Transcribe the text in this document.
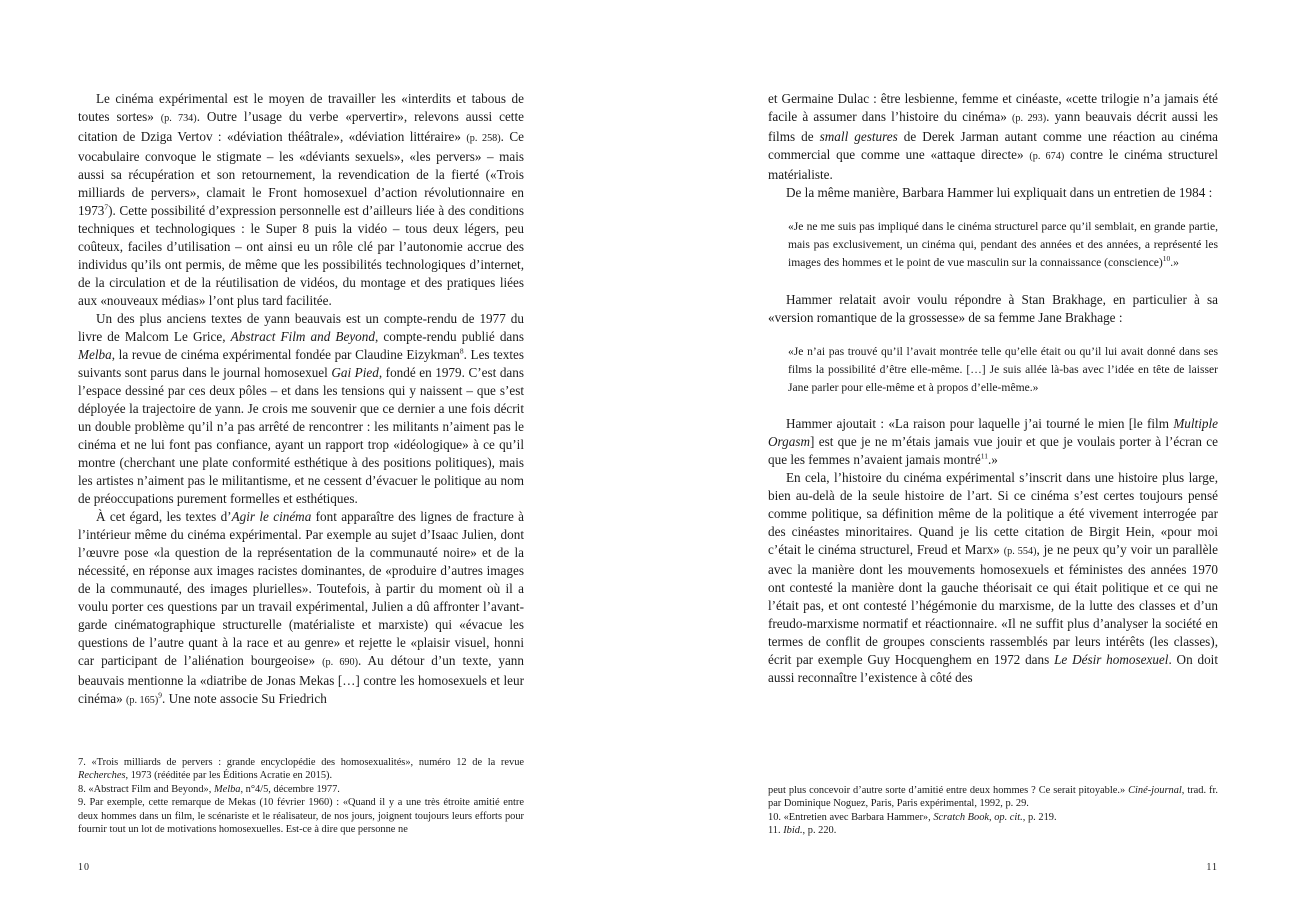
Le cinéma expérimental est le moyen de travailler les «interdits et tabous de toutes sortes» (p. 734). Outre l’usage du verbe «pervertir», relevons aussi cette citation de Dziga Vertov : «déviation théâtrale», «déviation littéraire» (p. 258). Ce vocabulaire convoque le stigmate – les «déviants sexuels», «les pervers» – mais aussi sa récupération et son retournement, la revendication de la fierté («Trois milliards de pervers», clamait le Front homosexuel d’action révolutionnaire en 1973$^7$). Cette possibilité d’expression personnelle est d’ailleurs liée à des conditions techniques et technologiques : le Super 8 puis la vidéo – tous deux légers, peu coûteux, faciles d’utilisation – ont ainsi eu un rôle clé par l’autonomie accrue des individus qu’ils ont permis, de même que les possibilités technologiques d’internet, de la circulation et de la réutilisation de vidéos, du montage et des pratiques liées aux «nouveaux médias» l’ont plus tard facilitée.

Un des plus anciens textes de yann beauvais est un compte-rendu de 1977 du livre de Malcom Le Grice, Abstract Film and Beyond, compte-rendu publié dans Melba, la revue de cinéma expérimental fondée par Claudine Eizykman$^8$. Les textes suivants sont parus dans le journal homosexuel Gai Pied, fondé en 1979. C’est dans l’espace dessiné par ces deux pôles – et dans les tensions qui y naissent – que s’est déployée la trajectoire de yann. Je crois me souvenir que ce dernier a une fois décrit un double problème qu’il n’a pas arrêté de rencontrer : les militants n’aiment pas le cinéma et ne lui font pas confiance, ayant un rapport trop «idéologique» à ce qu’il montre (cherchant une plate conformité esthétique à des positions politiques), mais les artistes n’aiment pas le militantisme, et ne cessent d’évacuer le politique au nom de préoccupations purement formelles et esthétiques.

À cet égard, les textes d’Agir le cinéma font apparaître des lignes de fracture à l’intérieur même du cinéma expérimental. Par exemple au sujet d’Isaac Julien, dont l’œuvre pose «la question de la représentation de la communauté noire» et de la nécessité, en réponse aux images racistes dominantes, de «produire d’autres images de la communauté, des images plurielles». Toutefois, à partir du moment où il a voulu porter ces questions par un travail expérimental, Julien a dû affronter l’avant-garde cinématographique structurelle (matérialiste et marxiste) qui «évacue les questions de l’autre quant à la race et au genre» et rejette le «plaisir visuel, honni car participant de l’aliénation bourgeoise» (p. 690). Au détour d’un texte, yann beauvais mentionne la «diatribe de Jonas Mekas […] contre les homosexuels et leur cinéma» (p. 165)$^9$. Une note associe Su Friedrich

7. «Trois milliards de pervers : grande encyclopédie des homosexualités», numéro 12 de la revue Recherches, 1973 (rééditée par les Éditions Acratie en 2015).
8. «Abstract Film and Beyond», Melba, n°4/5, décembre 1977.
9. Par exemple, cette remarque de Mekas (10 février 1960) : «Quand il y a une très étroite amitié entre deux hommes dans un film, le scénariste et le réalisateur, de nos jours, joignent toujours leurs efforts pour fournir tout un lot de motivations homosexuelles. Est-ce à dire que personne ne
10

et Germaine Dulac : être lesbienne, femme et cinéaste, «cette trilogie n’a jamais été facile à assumer dans l’histoire du cinéma» (p. 293). yann beauvais décrit aussi les films de small gestures de Derek Jarman autant comme une réaction au cinéma commercial que comme une «attaque directe» (p. 674) contre le cinéma structurel matérialiste.

De la même manière, Barbara Hammer lui expliquait dans un entretien de 1984 :

«Je ne me suis pas impliqué dans le cinéma structurel parce qu’il semblait, en grande partie, mais pas exclusivement, un cinéma qui, pendant des années et des années, a représenté les images des hommes et le point de vue masculin sur la connaissance (conscience)$^{10}$.»

Hammer relatait avoir voulu répondre à Stan Brakhage, en particulier à sa «version romantique de la grossesse» de sa femme Jane Brakhage :

«Je n’ai pas trouvé qu’il l’avait montrée telle qu’elle était ou qu’il lui avait donné dans ses films la possibilité d’être elle-même. […] Je suis allée là-bas avec l’idée en tête de laisser Jane parler pour elle-même et à propos d’elle-même.»

Hammer ajoutait : «La raison pour laquelle j’ai tourné le mien [le film Multiple Orgasm] est que je ne m’étais jamais vue jouir et que je voulais porter à l’écran ce que les femmes n’avaient jamais montré$^{11}$.»

En cela, l’histoire du cinéma expérimental s’inscrit dans une histoire plus large, bien au-delà de la seule histoire de l’art. Si ce cinéma s’est certes toujours pensé comme politique, sa définition même de la politique a été vivement interrogée par des cinéastes minoritaires. Quand je lis cette citation de Birgit Hein, «pour moi c’était le cinéma structurel, Freud et Marx» (p. 554), je ne peux qu’y voir un parallèle avec la manière dont les mouvements homosexuels et féministes des années 1970 ont contesté la manière dont la gauche théorisait ce qui était politique et ce qui ne l’était pas, et ont contesté l’hégémonie du marxisme, de la lutte des classes et d’un freudo-marxisme normatif et réactionnaire. «Il ne suffit plus d’analyser la société en termes de conflit de groupes conscients rassemblés par leurs intérêts (les classes), écrit par exemple Guy Hocquenghem en 1972 dans Le Désir homosexuel. On doit aussi reconnaître l’existence à côté des

peut plus concevoir d’autre sorte d’amitié entre deux hommes ? Ce serait pitoyable.» Ciné-journal, trad. fr. par Dominique Noguez, Paris, Paris expérimental, 1992, p. 29.
10. «Entretien avec Barbara Hammer», Scratch Book, op. cit., p. 219.
11. Ibid., p. 220.
11
